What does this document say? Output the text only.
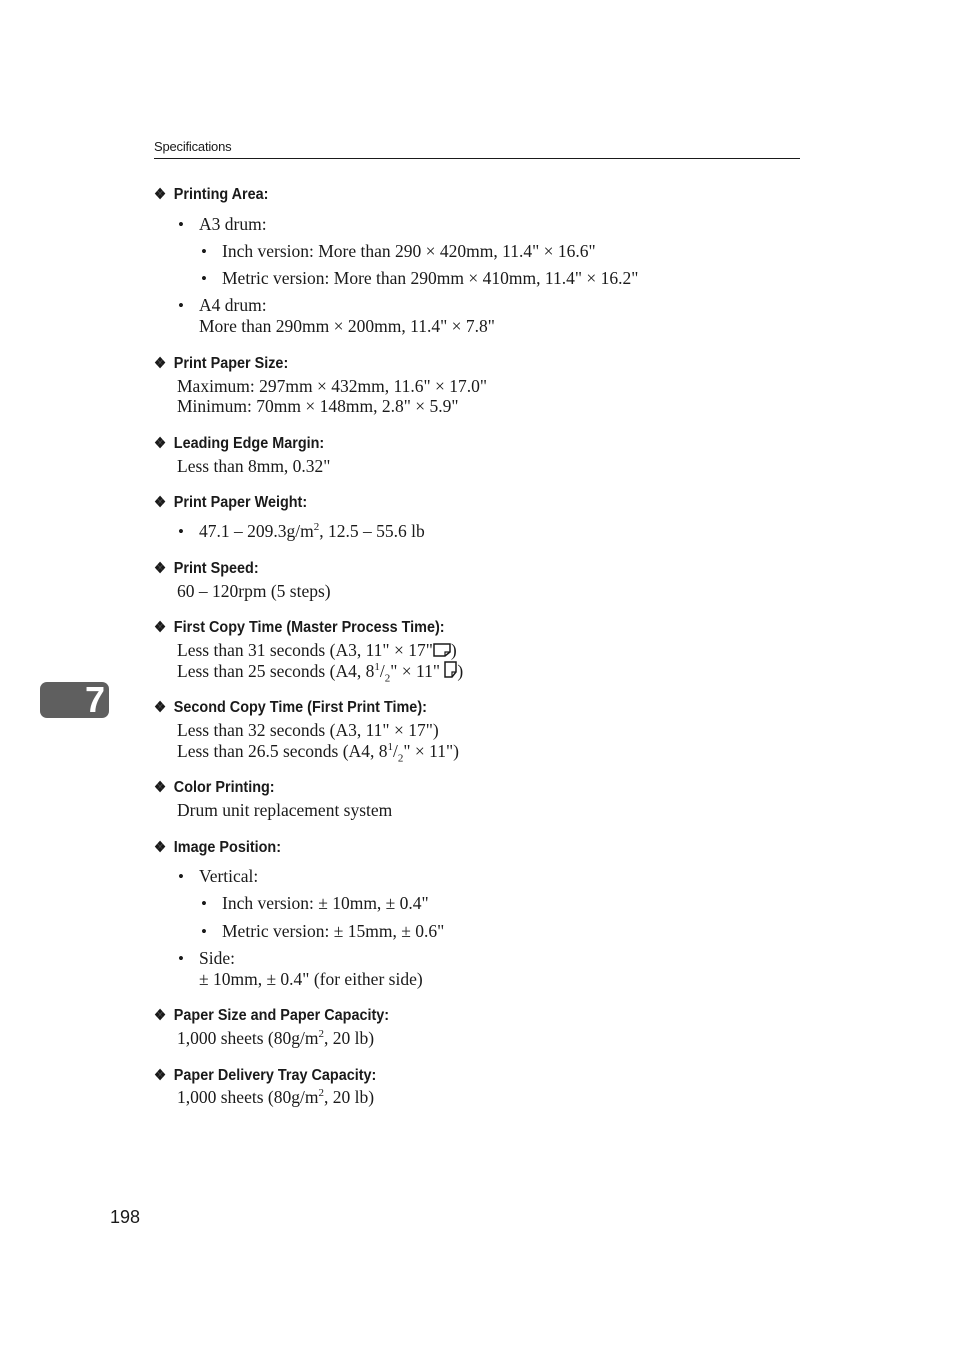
Specifications
7
❖ Printing Area:
• A3 drum:
• Inch version: More than 290 × 420mm, 11.4" × 16.6"
• Metric version: More than 290mm × 410mm, 11.4" × 16.2"
• A4 drum:
More than 290mm × 200mm, 11.4" × 7.8"
❖ Print Paper Size:
Maximum: 297mm × 432mm, 11.6" × 17.0"
Minimum: 70mm × 148mm, 2.8" × 5.9"
❖ Leading Edge Margin:
Less than 8mm, 0.32"
❖ Print Paper Weight:
• $47.1 - 209.3g/m^2$, 12.5 – 55.6 lb
❖ Print Speed:
60 – 120rpm (5 steps)
❖ First Copy Time (Master Process Time):
Less than 31 seconds (A3, 11" × 17" )
Less than 25 seconds (A4, $8^1/_2$" × 11" )
❖ Second Copy Time (First Print Time):
Less than 32 seconds (A3, 11" × 17")
Less than 26.5 seconds (A4, $8^1/_2$" × 11")
❖ Color Printing:
Drum unit replacement system
❖ Image Position:
• Vertical:
• Inch version: ± 10mm, ± 0.4"
• Metric version: ± 15mm, ± 0.6"
• Side:
± 10mm, ± 0.4" (for either side)
❖ Paper Size and Paper Capacity:
1,000 sheets ($80g/m^2$, 20 lb)
❖ Paper Delivery Tray Capacity:
1,000 sheets ($80g/m^2$, 20 lb)
198
